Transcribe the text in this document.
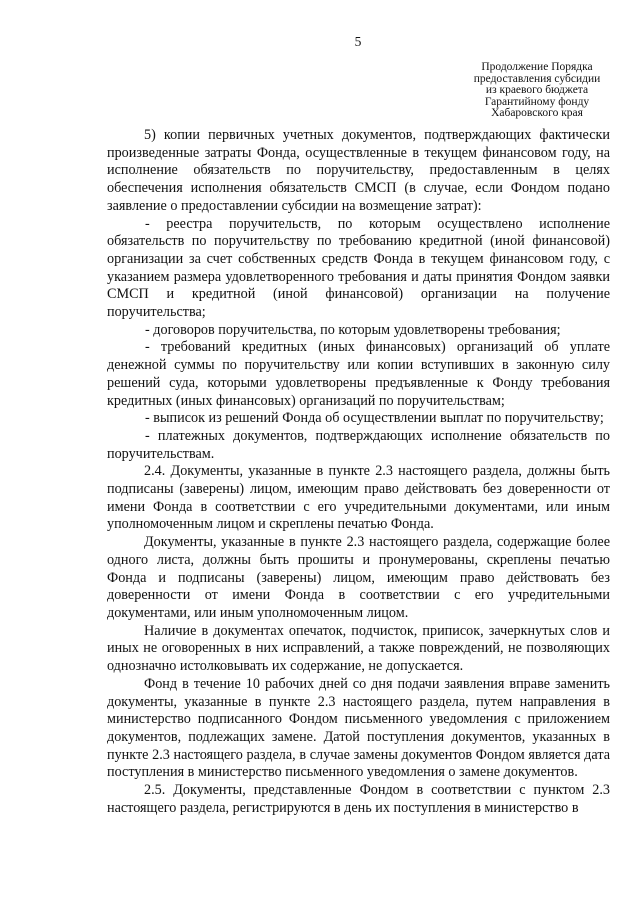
5
Продолжение Порядка
предоставления субсидии
из краевого бюджета
Гарантийному фонду
Хабаровского края

5) копии первичных учетных документов, подтверждающих фактически произведенные затраты Фонда, осуществленные в текущем финансовом году, на исполнение обязательств по поручительству, предоставленным в целях обеспечения исполнения обязательств СМСП (в случае, если Фондом подано заявление о предоставлении субсидии на возмещение затрат):

- реестра поручительств, по которым осуществлено исполнение обязательств по поручительству по требованию кредитной (иной финансовой) организации за счет собственных средств Фонда в текущем финансовом году, с указанием размера удовлетворенного требования и даты принятия Фондом заявки СМСП и кредитной (иной финансовой) организации на получение поручительства;

- договоров поручительства, по которым удовлетворены требования;

- требований кредитных (иных финансовых) организаций об уплате денежной суммы по поручительству или копии вступивших в законную силу решений суда, которыми удовлетворены предъявленные к Фонду требования кредитных (иных финансовых) организаций по поручительствам;

- выписок из решений Фонда об осуществлении выплат по поручительству;

- платежных документов, подтверждающих исполнение обязательств по поручительствам.

2.4. Документы, указанные в пункте 2.3 настоящего раздела, должны быть подписаны (заверены) лицом, имеющим право действовать без доверенности от имени Фонда в соответствии с его учредительными документами, или иным уполномоченным лицом и скреплены печатью Фонда.

Документы, указанные в пункте 2.3 настоящего раздела, содержащие более одного листа, должны быть прошиты и пронумерованы, скреплены печатью Фонда и подписаны (заверены) лицом, имеющим право действовать без доверенности от имени Фонда в соответствии с его учредительными документами, или иным уполномоченным лицом.

Наличие в документах опечаток, подчисток, приписок, зачеркнутых слов и иных не оговоренных в них исправлений, а также повреждений, не позволяющих однозначно истолковывать их содержание, не допускается.

Фонд в течение 10 рабочих дней со дня подачи заявления вправе заменить документы, указанные в пункте 2.3 настоящего раздела, путем направления в министерство подписанного Фондом письменного уведомления с приложением документов, подлежащих замене. Датой поступления документов, указанных в пункте 2.3 настоящего раздела, в случае замены документов Фондом является дата поступления в министерство письменного уведомления о замене документов.

2.5. Документы, представленные Фондом в соответствии с пунктом 2.3 настоящего раздела, регистрируются в день их поступления в министерство в
